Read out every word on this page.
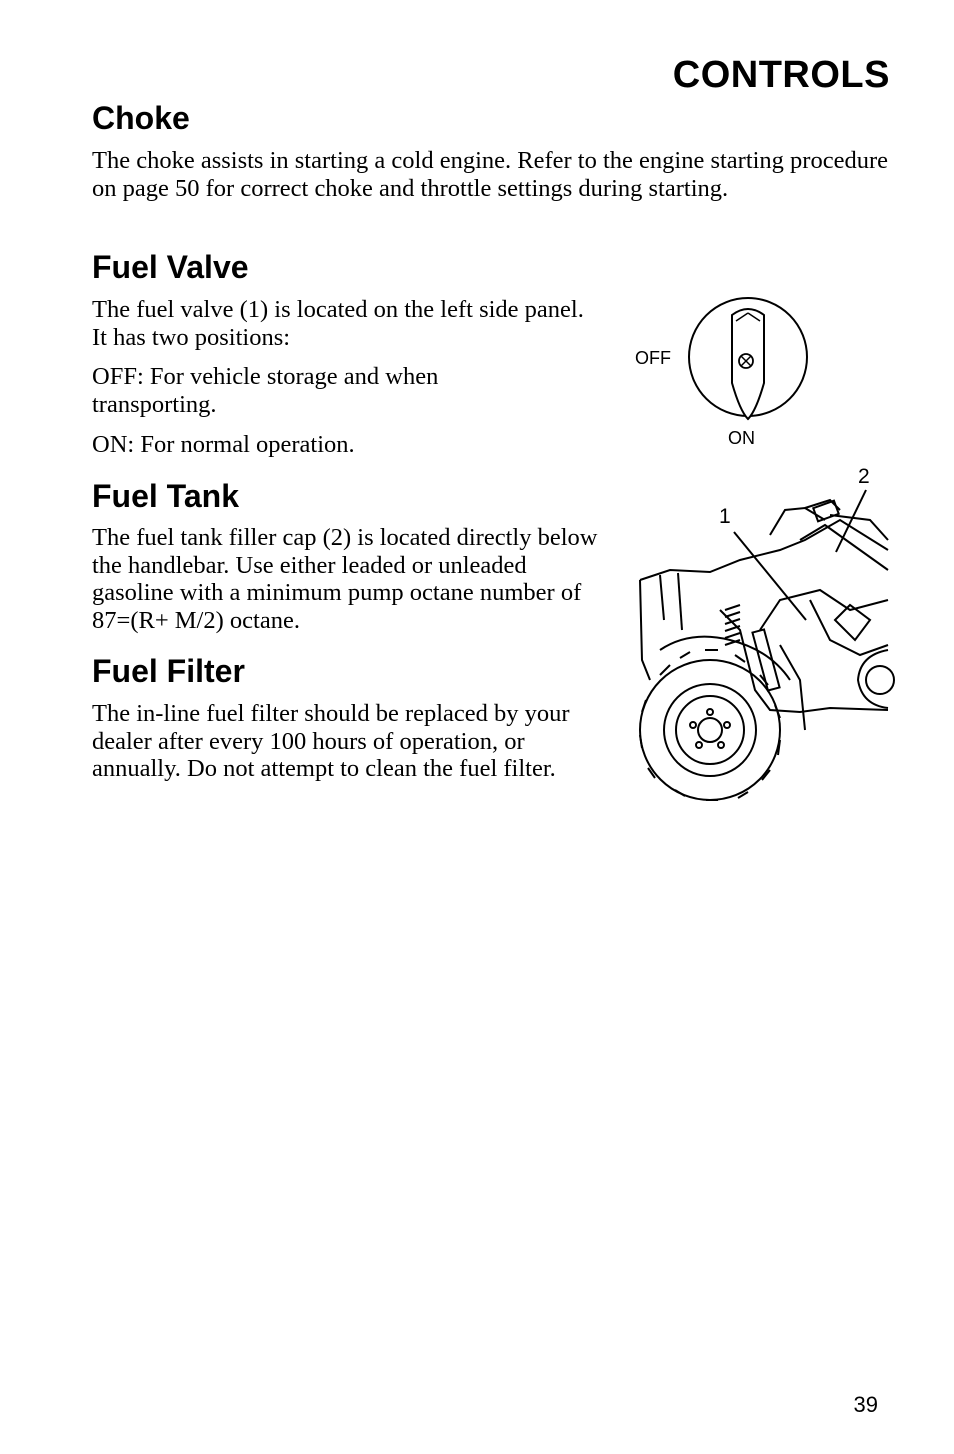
CONTROLS
Choke

The choke assists in starting a cold engine. Refer to the engine starting procedure on page 50 for correct choke and throttle settings during starting.

Fuel Valve

The fuel valve (1) is located on the left side panel. It has two positions:

OFF: For vehicle storage and when transporting.

ON: For normal operation.

Fuel Tank

The fuel tank filler cap (2) is located directly below the handlebar. Use either leaded or unleaded gasoline with a minimum pump octane number of 87=(R+ M/2) octane.

Fuel Filter

The in-line fuel filter should be replaced by your dealer after every 100 hours of operation, or annually. Do not attempt to clean the fuel filter.

OFF
ON
1
2
39
